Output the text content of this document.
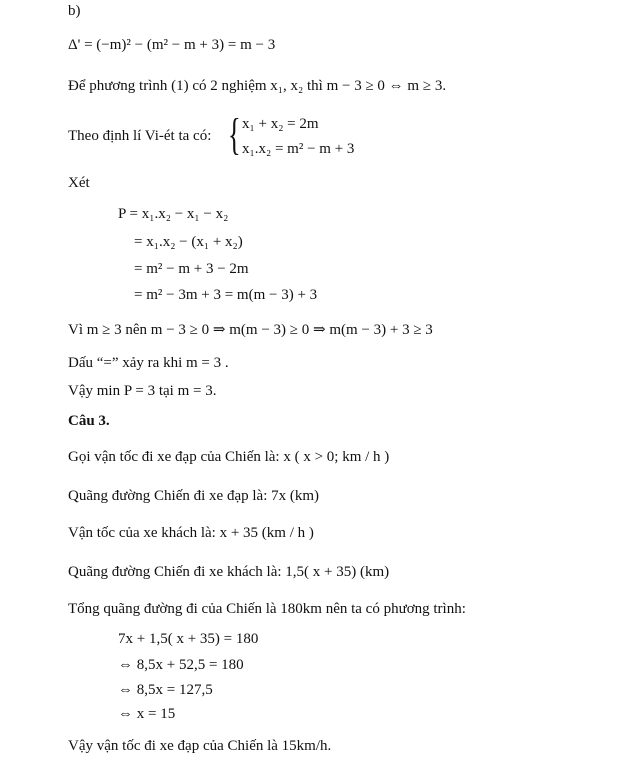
b)
Δ' = (−m)² − (m² − m + 3) = m − 3
Để phương trình (1) có 2 nghiệm x₁, x₂ thì m − 3 ≥ 0 ⇔ m ≥ 3.
Theo định lí Vi-ét ta có: { x₁ + x₂ = 2m
x₁.x₂ = m² − m + 3
Xét
P = x₁.x₂ − x₁ − x₂
= x₁.x₂ − (x₁ + x₂)
= m² − m + 3 − 2m
= m² − 3m + 3 = m(m − 3) + 3
Vì m ≥ 3 nên m − 3 ≥ 0 ⇒ m(m − 3) ≥ 0 ⇒ m(m − 3) + 3 ≥ 3
Dấu “=” xảy ra khi m = 3 .
Vậy min P = 3 tại m = 3.
Câu 3.
Gọi vận tốc đi xe đạp của Chiến là: x ( x > 0; km / h )
Quãng đường Chiến đi xe đạp là: 7x (km)
Vận tốc của xe khách là: x + 35 (km / h )
Quãng đường Chiến đi xe khách là: 1,5( x + 35) (km)
Tổng quãng đường đi của Chiến là 180km nên ta có phương trình:
7x + 1,5( x + 35) = 180
⇔ 8,5x + 52,5 = 180
⇔ 8,5x = 127,5
⇔ x = 15
Vậy vận tốc đi xe đạp của Chiến là 15km/h.
